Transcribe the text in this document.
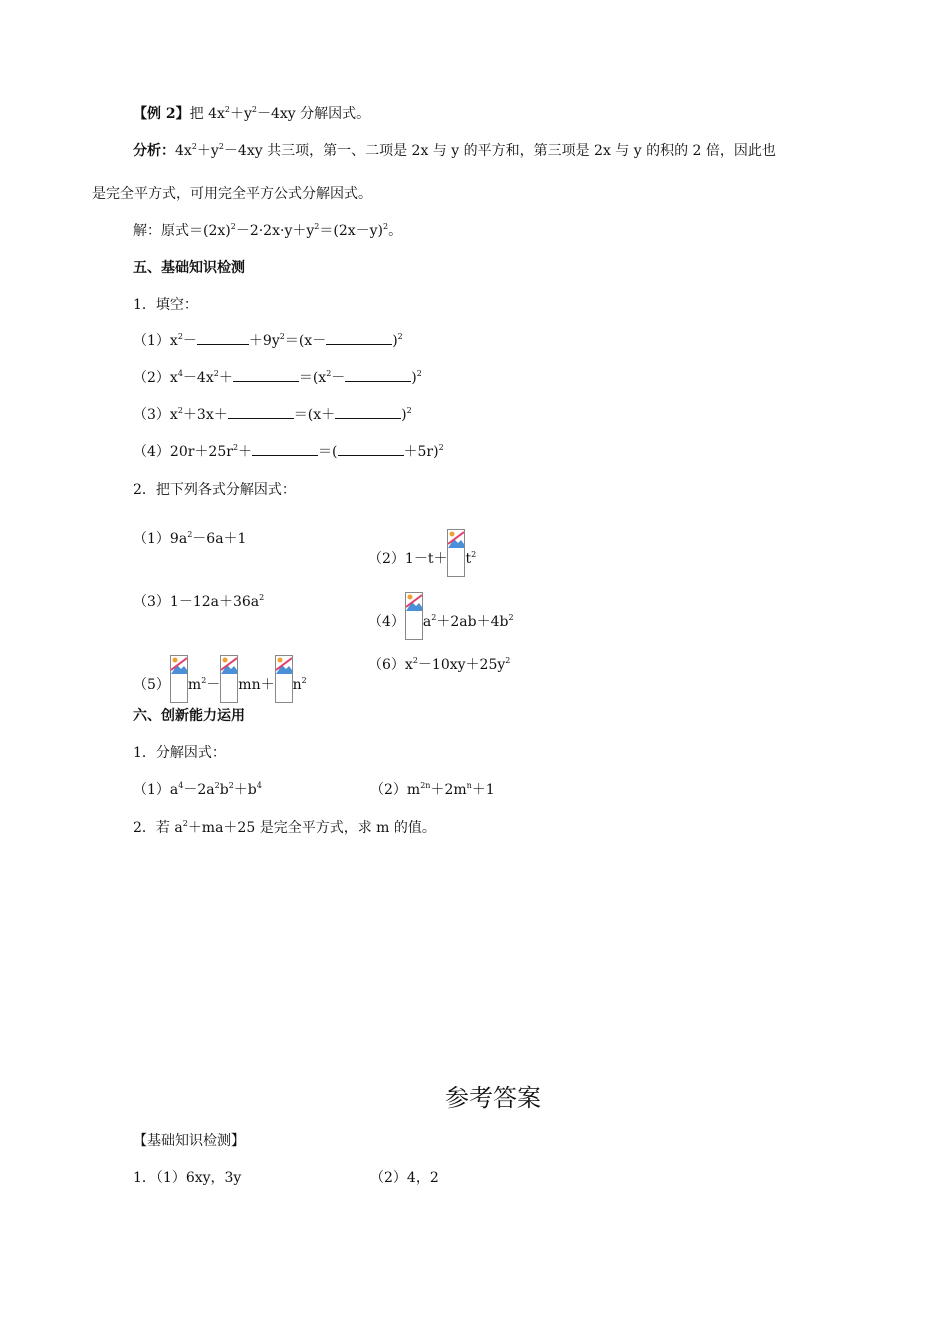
【例 2】把 $4x^2+y^2-4xy$ 分解因式。
分析：$4x^2+y^2-4xy$ 共三项，第一、二项是 2x 与 y 的平方和，第三项是 2x 与 y 的积的 2 倍，因此也
是完全平方式，可用完全平方公式分解因式。
解：原式$=(2x)^2-2\cdot 2x\cdot y+y^2=(2x-y)^2$。
五、基础知识检测
1．填空：
$(1)x^2-$	$+9y^2=(x-$	)$^2$
$(2)x^4-4x^2+$	$=(x^2-$	)$^2$
$(3)x^2+3x+$	＝(x＋	)$^2$
$(4)20r+25r^2+$	＝(	＋5r)$^2$
2．把下列各式分解因式：
$(1)9a^2-6a+1$
$(2)1-t+ t^2$
$(3)1-12a+36a^2$
（4） $a^2+2ab+4b^2$
（5） $m^2- mn+ n^2$
$(6)x^2-10xy+25y^2$
六、创新能力运用
1．分解因式：
$(1)a^4-2a^2b^2+b^4$	$(2)m^{2n}+2m^n+1$
2．若 $a^2+ma+25$ 是完全平方式，求 m 的值。
参考答案
【基础知识检测】
1．（1）6xy，3y	（2）4，2
